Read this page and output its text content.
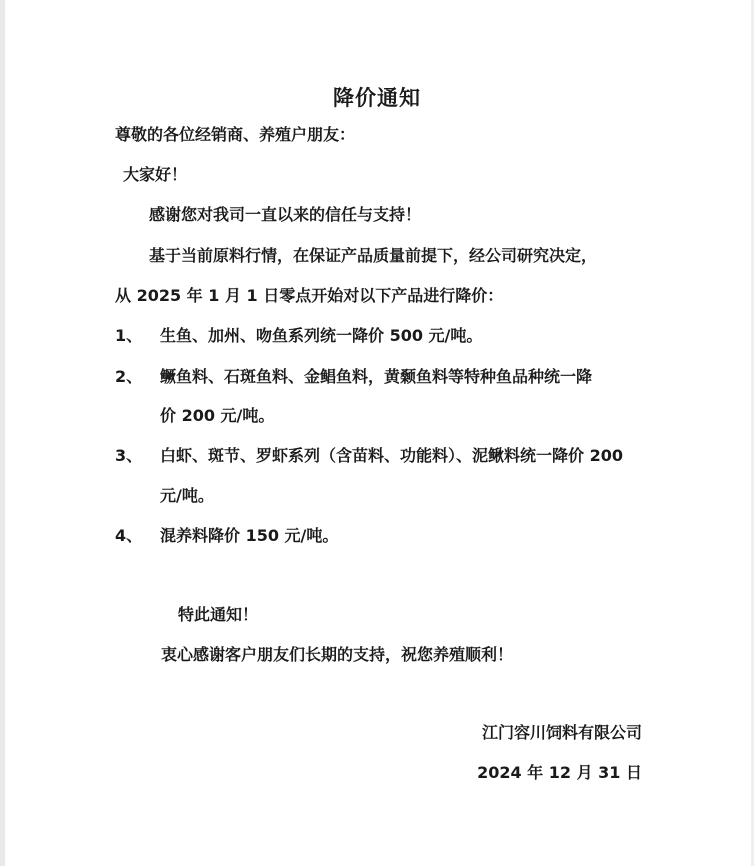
降价通知

尊敬的各位经销商、养殖户朋友：

大家好！

感谢您对我司一直以来的信任与支持！

基于当前原料行情，在保证产品质量前提下，经公司研究决定，

从 2025 年 1 月 1 日零点开始对以下产品进行降价：

1、 生鱼、加州、吻鱼系列统一降价 500 元/吨。
2、 鳜鱼料、石斑鱼料、金鲳鱼料，黄颡鱼料等特种鱼品种统一降
价 200 元/吨。
3、 白虾、斑节、罗虾系列（含苗料、功能料）、泥鳅料统一降价 200
元/吨。
4、 混养料降价 150 元/吨。

特此通知！

衷心感谢客户朋友们长期的支持，祝您养殖顺利！

江门容川饲料有限公司

2024 年 12 月 31 日
